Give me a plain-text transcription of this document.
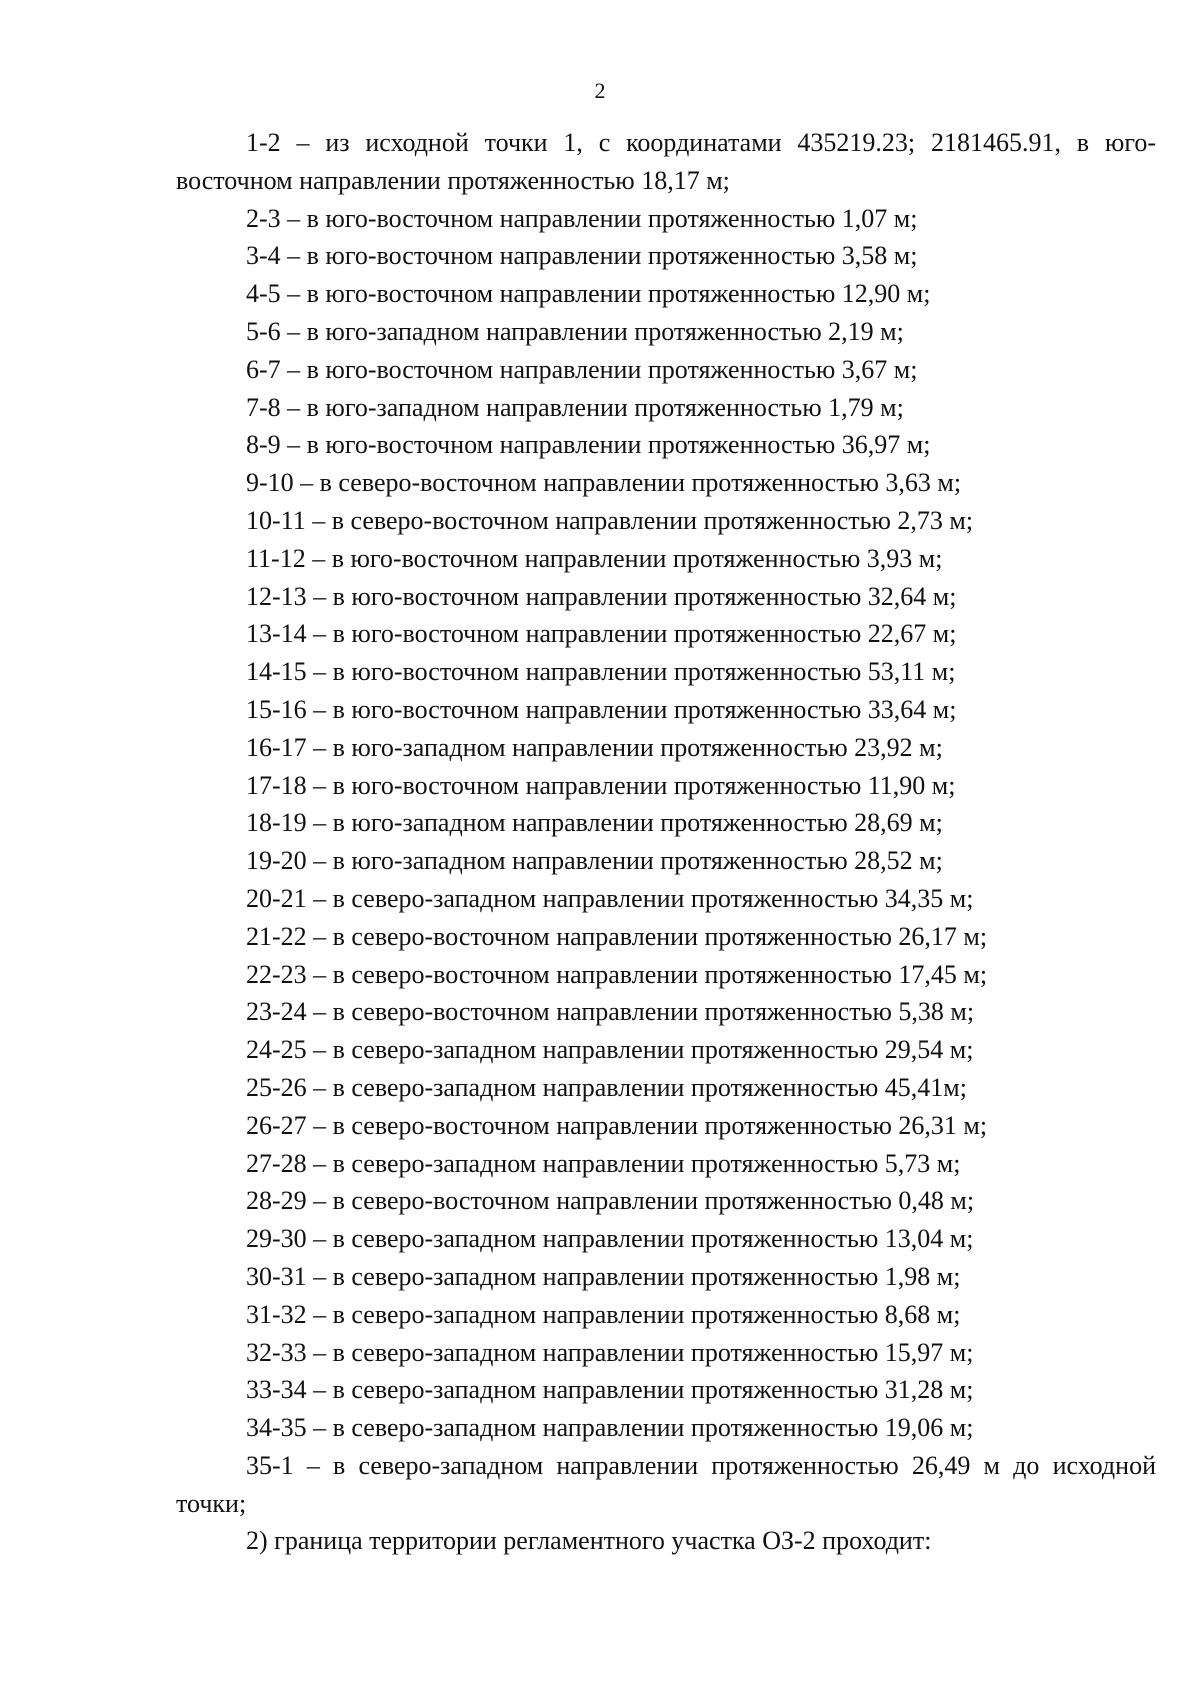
2

1-2 – из исходной точки 1, с координатами 435219.23; 2181465.91, в юго-восточном направлении протяженностью 18,17 м;

2-3 – в юго-восточном направлении протяженностью 1,07 м;

3-4 – в юго-восточном направлении протяженностью 3,58 м;

4-5 – в юго-восточном направлении протяженностью 12,90 м;

5-6 – в юго-западном направлении протяженностью 2,19 м;

6-7 – в юго-восточном направлении протяженностью 3,67 м;

7-8 – в юго-западном направлении протяженностью 1,79 м;

8-9 – в юго-восточном направлении протяженностью 36,97 м;

9-10 – в северо-восточном направлении протяженностью 3,63 м;

10-11 – в северо-восточном направлении протяженностью 2,73 м;

11-12 – в юго-восточном направлении протяженностью 3,93 м;

12-13 – в юго-восточном направлении протяженностью 32,64 м;

13-14 – в юго-восточном направлении протяженностью 22,67 м;

14-15 – в юго-восточном направлении протяженностью 53,11 м;

15-16 – в юго-восточном направлении протяженностью 33,64 м;

16-17 – в юго-западном направлении протяженностью 23,92 м;

17-18 – в юго-восточном направлении протяженностью 11,90 м;

18-19 – в юго-западном направлении протяженностью 28,69 м;

19-20 – в юго-западном направлении протяженностью 28,52 м;

20-21 – в северо-западном направлении протяженностью 34,35 м;

21-22 – в северо-восточном направлении протяженностью 26,17 м;

22-23 – в северо-восточном направлении протяженностью 17,45 м;

23-24 – в северо-восточном направлении протяженностью 5,38 м;

24-25 – в северо-западном направлении протяженностью 29,54 м;

25-26 – в северо-западном направлении протяженностью 45,41м;

26-27 – в северо-восточном направлении протяженностью 26,31 м;

27-28 – в северо-западном направлении протяженностью 5,73 м;

28-29 – в северо-восточном направлении протяженностью 0,48 м;

29-30 – в северо-западном направлении протяженностью 13,04 м;

30-31 – в северо-западном направлении протяженностью 1,98 м;

31-32 – в северо-западном направлении протяженностью 8,68 м;

32-33 – в северо-западном направлении протяженностью 15,97 м;

33-34 – в северо-западном направлении протяженностью 31,28 м;

34-35 – в северо-западном направлении протяженностью 19,06 м;

35-1 – в северо-западном направлении протяженностью 26,49 м до исходной точки;

2) граница территории регламентного участка ОЗ-2 проходит:
